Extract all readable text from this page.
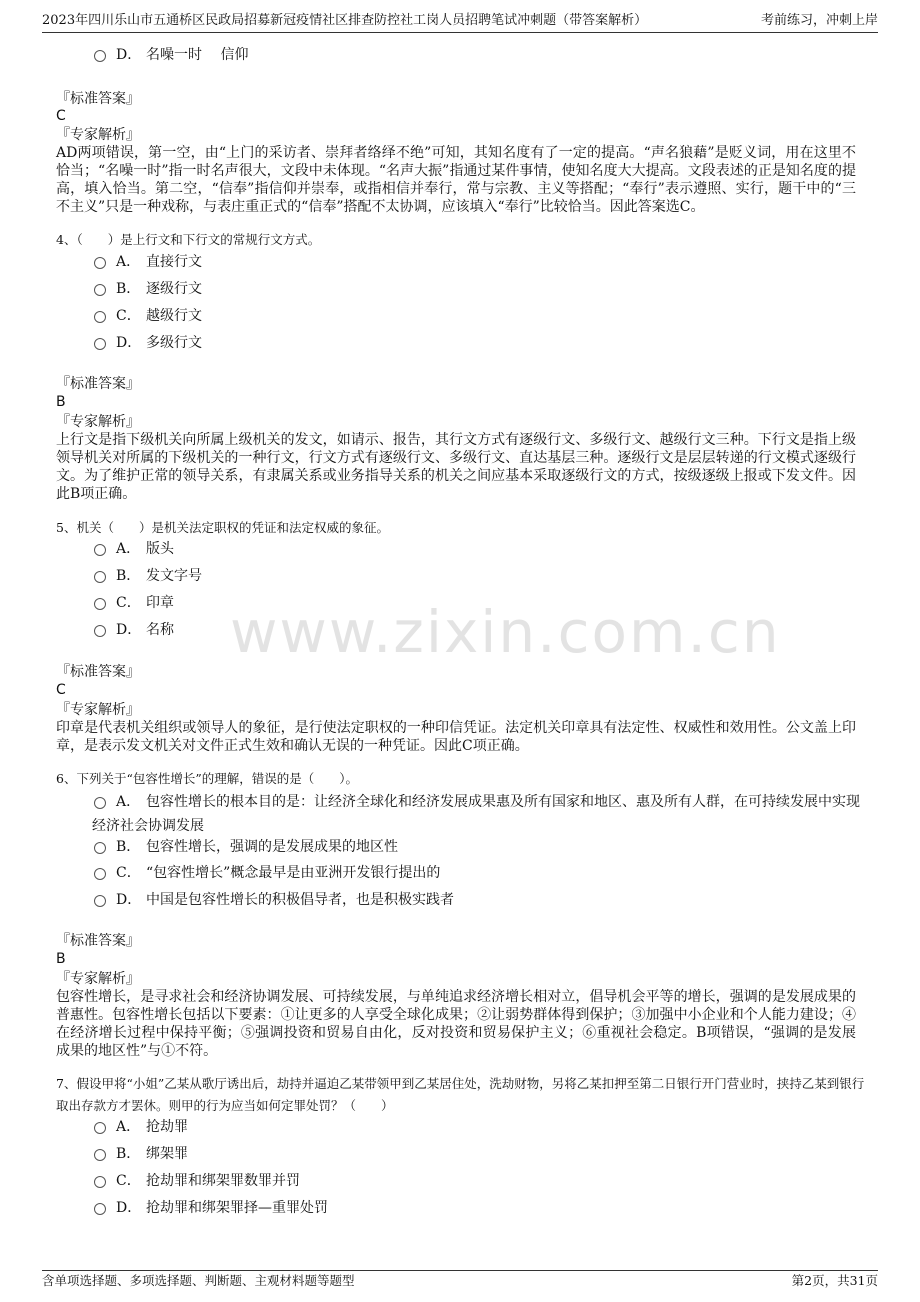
2023年四川乐山市五通桥区民政局招募新冠疫情社区排查防控社工岗人员招聘笔试冲刺题（带答案解析）	考前练习，冲刺上岸
www.zixin.com.cn
D． 名噪一时　 信仰
『标准答案』
C
『专家解析』
AD两项错误，第一空，由“上门的采访者、崇拜者络绎不绝”可知，其知名度有了一定的提高。“声名狼藉”是贬义词，用在这里不恰当；“名噪一时”指一时名声很大，文段中未体现。“名声大振”指通过某件事情，使知名度大大提高。文段表述的正是知名度的提高，填入恰当。第二空，“信奉”指信仰并崇奉，或指相信并奉行，常与宗教、主义等搭配；“奉行”表示遵照、实行，题干中的“三不主义”只是一种戏称，与表庄重正式的“信奉”搭配不太协调，应该填入“奉行”比较恰当。因此答案选C。
4、（　　）是上行文和下行文的常规行文方式。
A． 直接行文
B． 逐级行文
C． 越级行文
D． 多级行文
『标准答案』
B
『专家解析』
上行文是指下级机关向所属上级机关的发文，如请示、报告，其行文方式有逐级行文、多级行文、越级行文三种。下行文是指上级领导机关对所属的下级机关的一种行文，行文方式有逐级行文、多级行文、直达基层三种。逐级行文是层层转递的行文模式逐级行文。为了维护正常的领导关系，有隶属关系或业务指导关系的机关之间应基本采取逐级行文的方式，按级逐级上报或下发文件。因此B项正确。
5、机关（　　）是机关法定职权的凭证和法定权威的象征。
A． 版头
B． 发文字号
C． 印章
D． 名称
『标准答案』
C
『专家解析』
印章是代表机关组织或领导人的象征，是行使法定职权的一种印信凭证。法定机关印章具有法定性、权威性和效用性。公文盖上印章，是表示发文机关对文件正式生效和确认无误的一种凭证。因此C项正确。
6、下列关于“包容性增长”的理解，错误的是（　　）。
A． 包容性增长的根本目的是：让经济全球化和经济发展成果惠及所有国家和地区、惠及所有人群，在可持续发展中实现经济社会协调发展
B． 包容性增长，强调的是发展成果的地区性
C． “包容性增长”概念最早是由亚洲开发银行提出的
D． 中国是包容性增长的积极倡导者，也是积极实践者
『标准答案』
B
『专家解析』
包容性增长，是寻求社会和经济协调发展、可持续发展，与单纯追求经济增长相对立，倡导机会平等的增长，强调的是发展成果的普惠性。包容性增长包括以下要素：①让更多的人享受全球化成果；②让弱势群体得到保护；③加强中小企业和个人能力建设；④在经济增长过程中保持平衡；⑤强调投资和贸易自由化，反对投资和贸易保护主义；⑥重视社会稳定。B项错误，“强调的是发展成果的地区性”与①不符。
7、假设甲将“小姐”乙某从歌厅诱出后，劫持并逼迫乙某带领甲到乙某居住处，洗劫财物，另将乙某扣押至第二日银行开门营业时，挟持乙某到银行取出存款方才罢休。则甲的行为应当如何定罪处罚？（　　）
A． 抢劫罪
B． 绑架罪
C． 抢劫罪和绑架罪数罪并罚
D． 抢劫罪和绑架罪择—重罪处罚
含单项选择题、多项选择题、判断题、主观材料题等题型	第2页，共31页
